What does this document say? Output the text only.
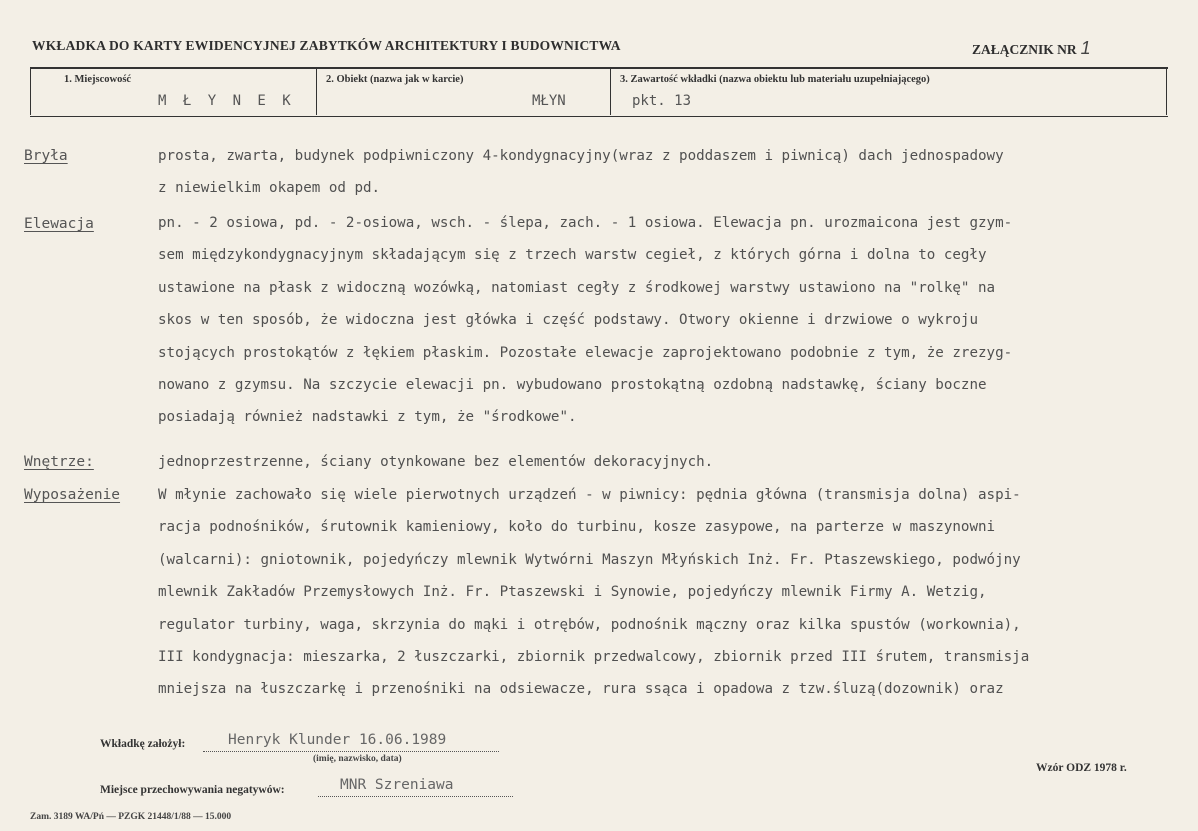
WKŁADKA DO KARTY EWIDENCYJNEJ ZABYTKÓW ARCHITEKTURY I BUDOWNICTWA	ZAŁĄCZNIK NR 1
1. Miejscowość
M Ł Y N E K
2. Obiekt (nazwa jak w karcie)
MŁYN
3. Zawartość wkładki (nazwa obiektu lub materiału uzupełniającego)
pkt. 13
Bryła	prosta, zwarta, budynek podpiwniczony 4-kondygnacyjny(wraz z poddaszem i piwnicą) dach jednospadowy
z niewielkim okapem od pd.
Elewacja	pn. - 2 osiowa, pd. - 2-osiowa, wsch. - ślepa, zach. - 1 osiowa. Elewacja pn. urozmaicona jest gzym-
sem międzykondygnacyjnym składającym się z trzech warstw cegieł, z których górna i dolna to cegły
ustawione na płask z widoczną wozówką, natomiast cegły z środkowej warstwy ustawiono na "rolkę" na
skos w ten sposób, że widoczna jest główka i część podstawy. Otwory okienne i drzwiowe o wykroju
stojących prostokątów z łękiem płaskim. Pozostałe elewacje zaprojektowano podobnie z tym, że zrezyg-
nowano z gzymsu. Na szczycie elewacji pn. wybudowano prostokątną ozdobną nadstawkę, ściany boczne
posiadają również nadstawki z tym, że "środkowe".
Wnętrze:	jednoprzestrzenne, ściany otynkowane bez elementów dekoracyjnych.
Wyposażenie	W młynie zachowało się wiele pierwotnych urządzeń - w piwnicy: pędnia główna (transmisja dolna) aspi-
racja podnośników, śrutownik kamieniowy, koło do turbinu, kosze zasypowe, na parterze w maszynowni
(walcarni): gniotownik, pojedyńczy mlewnik Wytwórni Maszyn Młyńskich Inż. Fr. Ptaszewskiego, podwójny
mlewnik Zakładów Przemysłowych Inż. Fr. Ptaszewski i Synowie, pojedyńczy mlewnik Firmy A. Wetzig,
regulator turbiny, waga, skrzynia do mąki i otrębów, podnośnik mączny oraz kilka spustów (workownia),
III kondygnacja: mieszarka, 2 łuszczarki, zbiornik przedwalcowy, zbiornik przed III śrutem, transmisja
mniejsza na łuszczarkę i przenośniki na odsiewacze, rura ssąca i opadowa z tzw.śluzą(dozownik) oraz
Wkładkę założył:	Henryk Klunder 16.06.1989
(imię, nazwisko, data)
Wzór ODZ 1978 r.
Miejsce przechowywania negatywów:	MNR Szreniawa
Zam. 3189 WA/Pń — PZGK 21448/1/88 — 15.000
